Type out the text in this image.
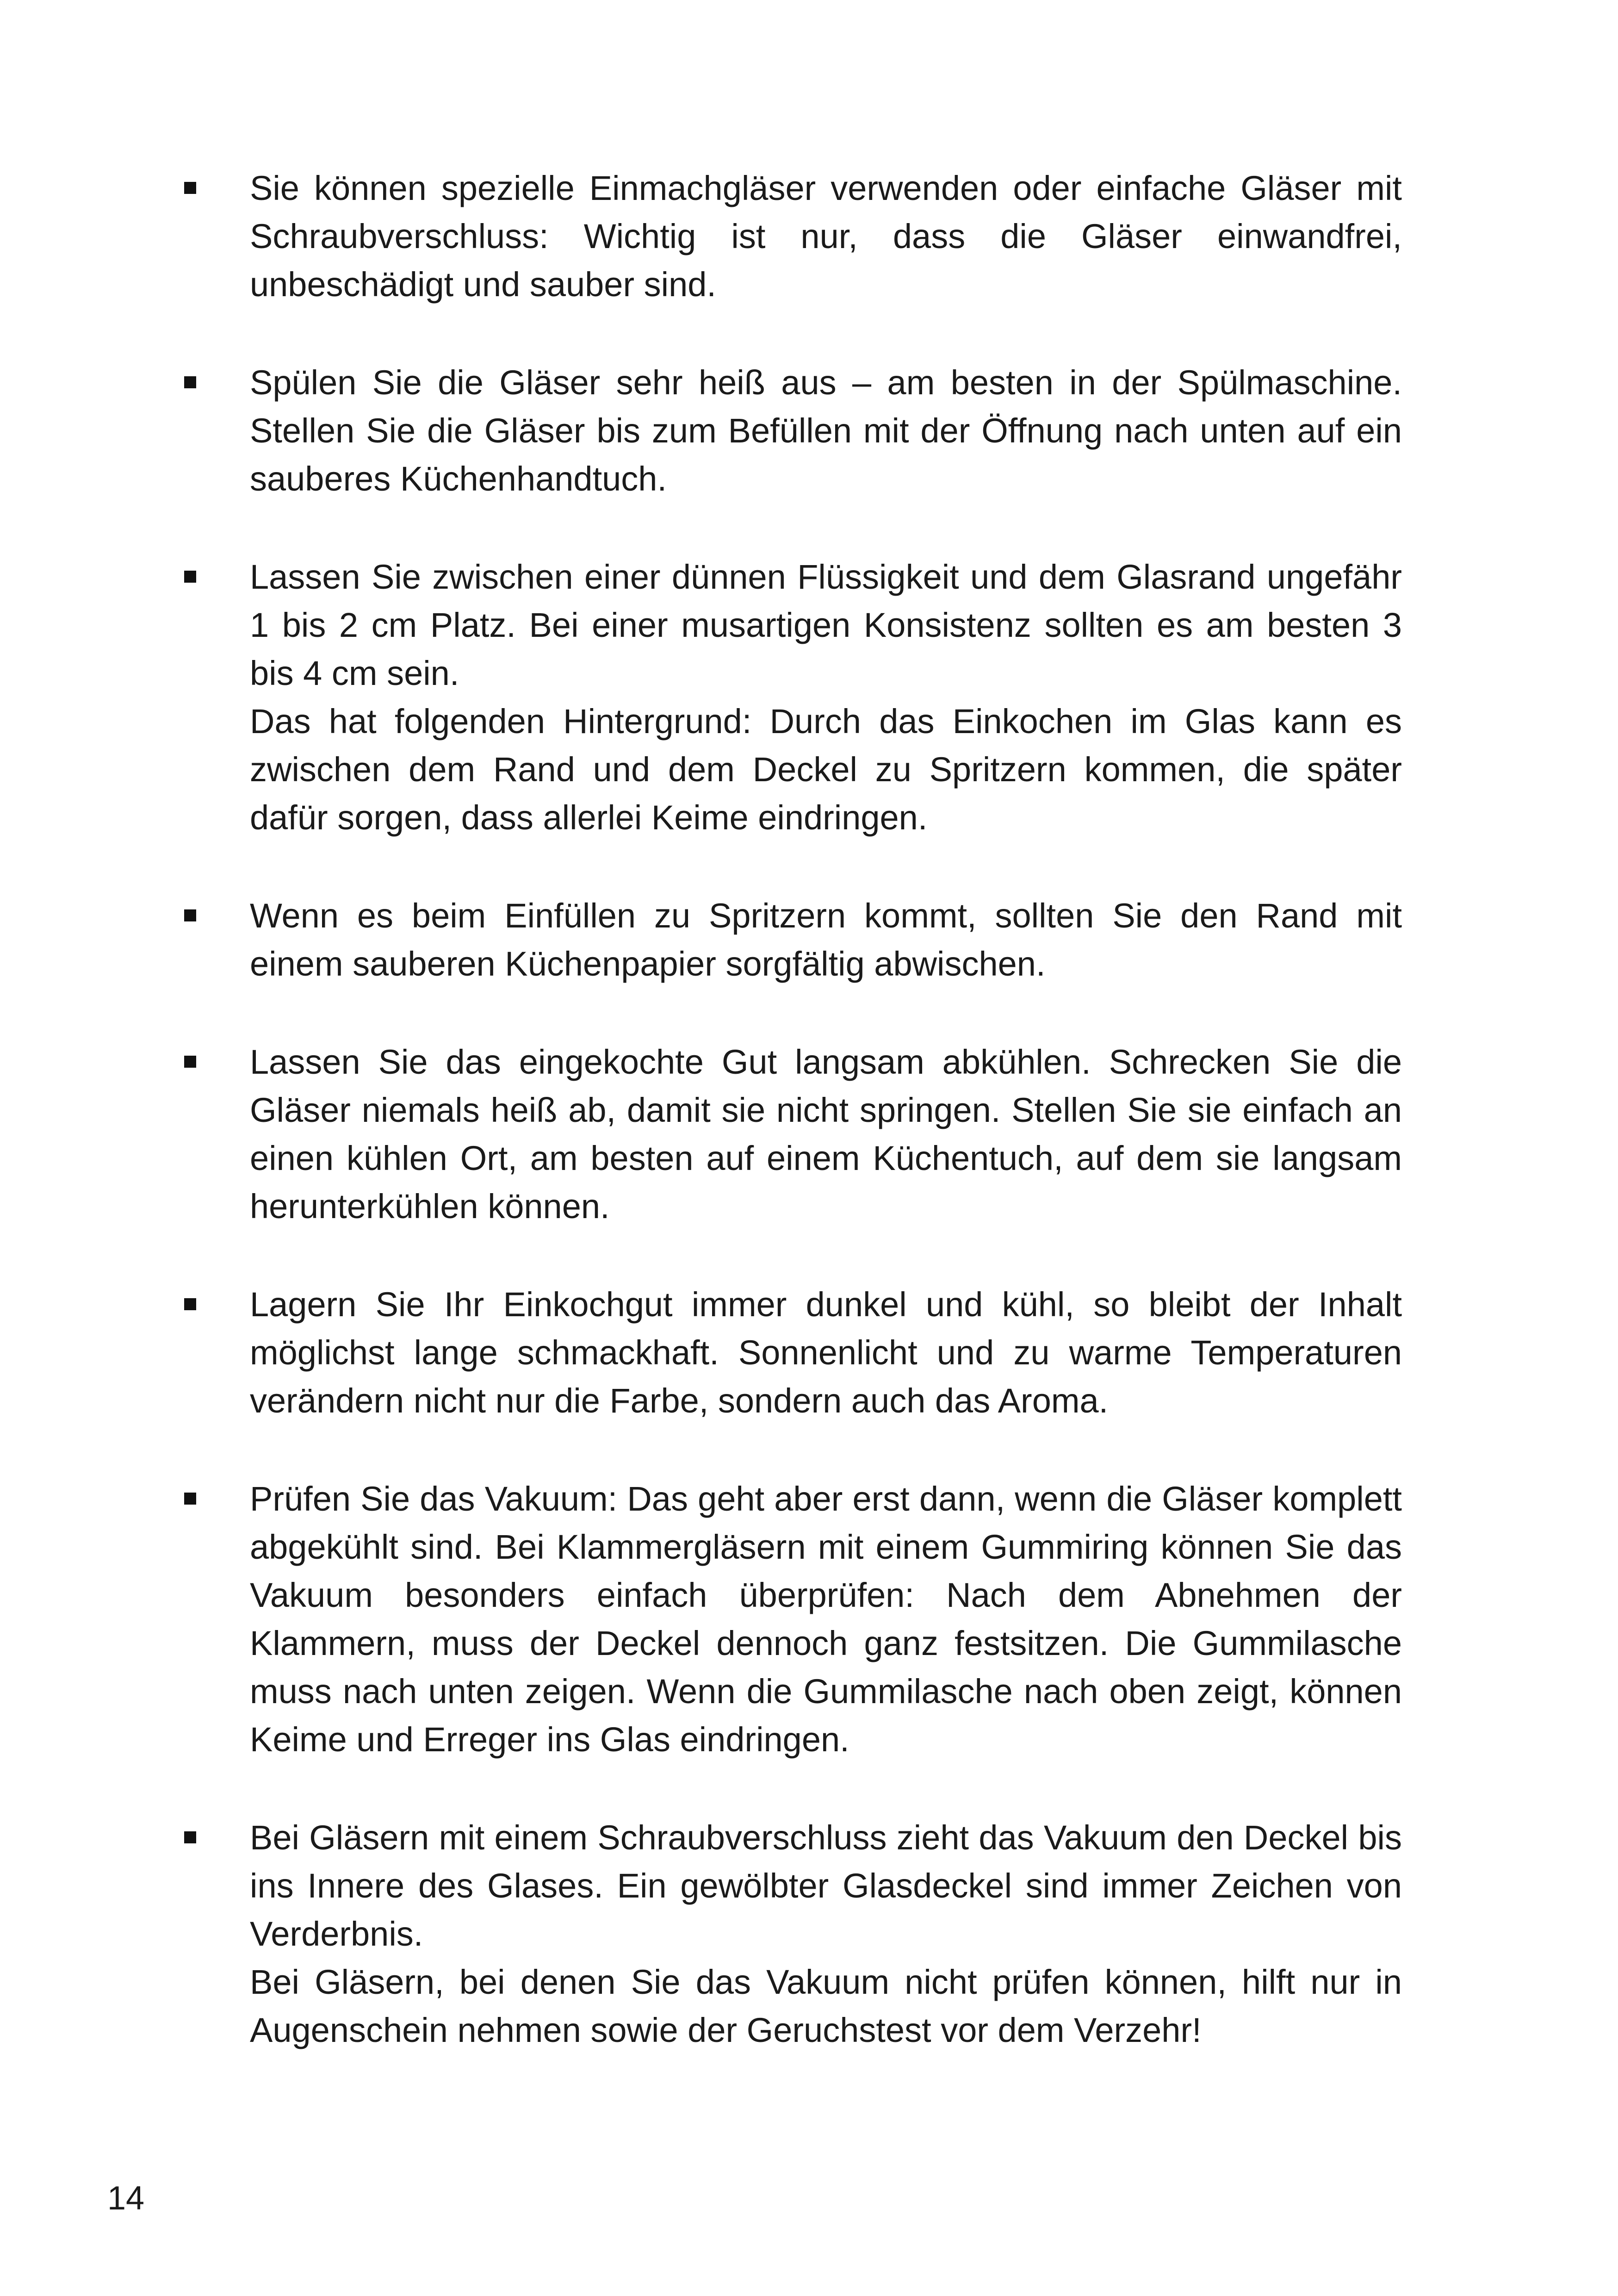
Sie können spezielle Einmachgläser verwenden oder einfache Gläser mit Schraubverschluss: Wichtig ist nur, dass die Gläser einwandfrei, unbeschädigt und sauber sind.

Spülen Sie die Gläser sehr heiß aus – am besten in der Spülmaschine. Stellen Sie die Gläser bis zum Befüllen mit der Öffnung nach unten auf ein sauberes Küchenhandtuch.

Lassen Sie zwischen einer dünnen Flüssigkeit und dem Glasrand ungefähr 1 bis 2 cm Platz. Bei einer musartigen Konsistenz sollten es am besten 3 bis 4 cm sein.

Das hat folgenden Hintergrund: Durch das Einkochen im Glas kann es zwischen dem Rand und dem Deckel zu Spritzern kommen, die später dafür sorgen, dass allerlei Keime eindringen.

Wenn es beim Einfüllen zu Spritzern kommt, sollten Sie den Rand mit einem sauberen Küchenpapier sorgfältig abwischen.

Lassen Sie das eingekochte Gut langsam abkühlen. Schrecken Sie die Gläser niemals heiß ab, damit sie nicht springen. Stellen Sie sie einfach an einen kühlen Ort, am besten auf einem Küchentuch, auf dem sie langsam herunterkühlen können.

Lagern Sie Ihr Einkochgut immer dunkel und kühl, so bleibt der Inhalt möglichst lange schmackhaft. Sonnenlicht und zu warme Temperaturen verändern nicht nur die Farbe, sondern auch das Aroma.

Prüfen Sie das Vakuum: Das geht aber erst dann, wenn die Gläser komplett abgekühlt sind. Bei Klammergläsern mit einem Gummiring können Sie das Vakuum besonders einfach überprüfen: Nach dem Abnehmen der Klammern, muss der Deckel dennoch ganz festsitzen. Die Gummilasche muss nach unten zeigen. Wenn die Gummilasche nach oben zeigt, können Keime und Erreger ins Glas eindringen.

Bei Gläsern mit einem Schraubverschluss zieht das Vakuum den Deckel bis ins Innere des Glases. Ein gewölbter Glasdeckel sind immer Zeichen von Verderbnis.

Bei Gläsern, bei denen Sie das Vakuum nicht prüfen können, hilft nur in Augenschein nehmen sowie der Geruchstest vor dem Verzehr!

14
